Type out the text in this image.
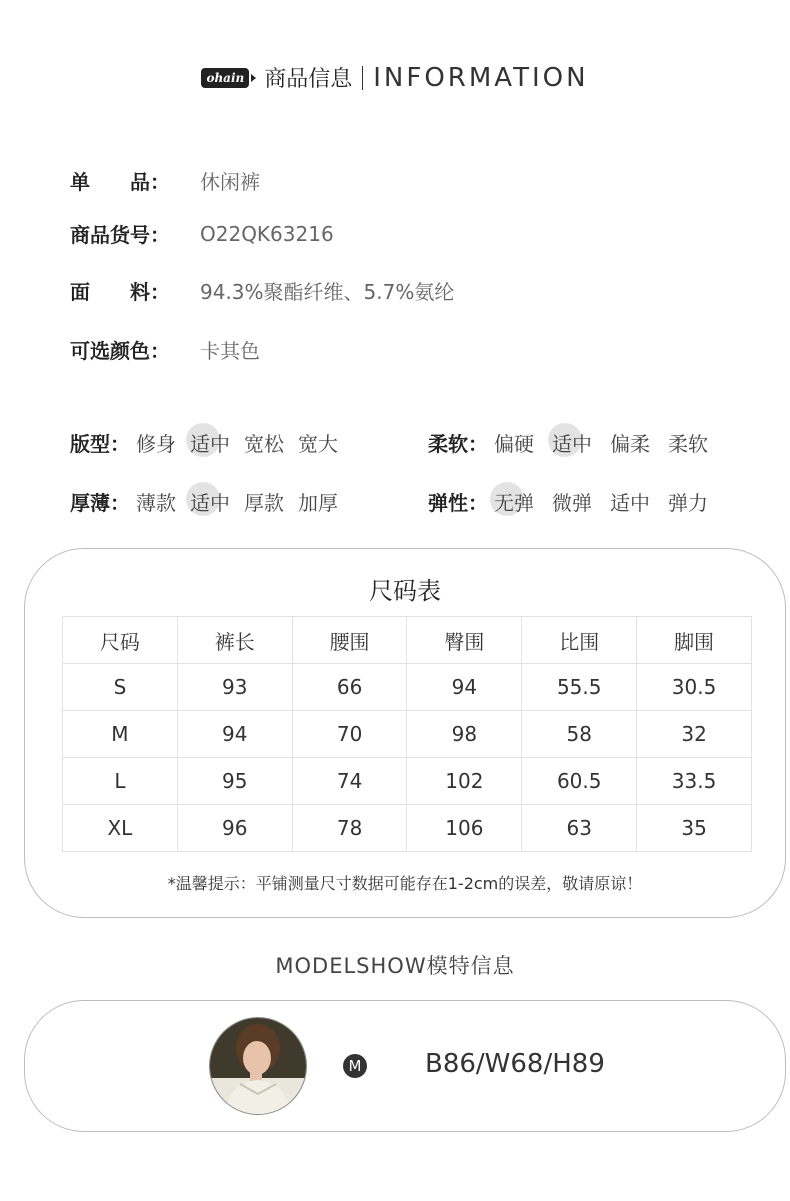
ohain 商品信息 INFORMATION
单　　品：	休闲裤
商品货号：	O22QK63216
面　　料：	94.3%聚酯纤维、5.7%氨纶
可选颜色：	卡其色
版型： 修身 适中 宽松 宽大	柔软： 偏硬 适中 偏柔 柔软
厚薄： 薄款 适中 厚款 加厚	弹性： 无弹 微弹 适中 弹力
尺码表
尺码	裤长	腰围	臀围	比围	脚围
S	93	66	94	55.5	30.5
M	94	70	98	58	32
L	95	74	102	60.5	33.5
XL	96	78	106	63	35
*温馨提示：平铺测量尺寸数据可能存在1-2cm的误差，敬请原谅！
MODELSHOW模特信息
M B86/W68/H89
